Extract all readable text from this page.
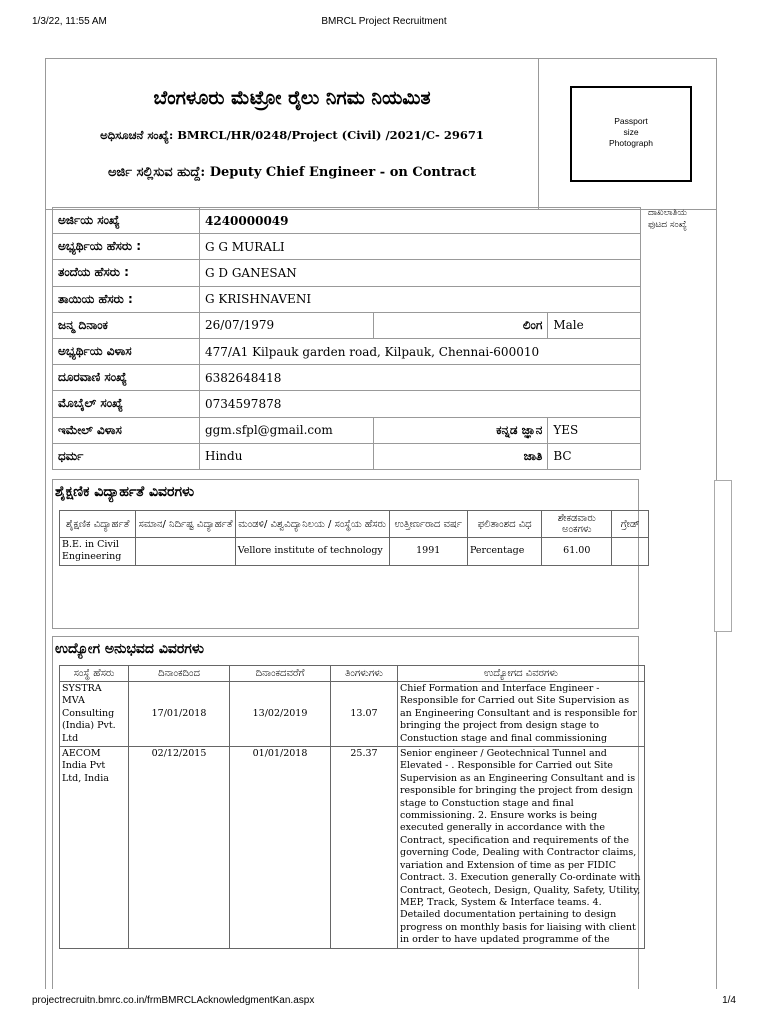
1/3/22, 11:55 AM	BMRCL Project Recruitment
ಬೆಂಗಳೂರು ಮೆಟ್ರೋ ರೈಲು ನಿಗಮ ನಿಯಮಿತ
ಅಧಿಸೂಚನೆ ಸಂಖ್ಯೆ: BMRCL/HR/0248/Project (Civil) /2021/C- 29671
ಅರ್ಜಿ ಸಲ್ಲಿಸುವ ಹುದ್ದೆ: Deputy Chief Engineer - on Contract
Passport
size
Photograph
ದಾಖಲಾತಿಯ
ಫುಟದ ಸಂಖ್ಯೆ
ಅರ್ಜಿಯ ಸಂಖ್ಯೆ	4240000049		
ಅಭ್ಯರ್ಥಿಯ ಹೆಸರು :	G G MURALI		
ತಂದೆಯ ಹೆಸರು :	G D GANESAN		
ತಾಯಿಯ ಹೆಸರು :	G KRISHNAVENI		
ಜನ್ಮ ದಿನಾಂಕ	26/07/1979	ಲಿಂಗ	Male
ಅಭ್ಯರ್ಥಿಯ ವಿಳಾಸ	477/A1 Kilpauk garden road, Kilpauk, Chennai-600010		
ದೂರವಾಣಿ ಸಂಖ್ಯೆ	6382648418		
ಮೊಬೈಲ್ ಸಂಖ್ಯೆ	0734597878		
ಇಮೇಲ್ ವಿಳಾಸ	ggm.sfpl@gmail.com	ಕನ್ನಡ ಜ್ಞಾನ	YES
ಧರ್ಮ	Hindu	ಜಾತಿ	BC
ಶೈಕ್ಷಣಿಕ ವಿದ್ಯಾರ್ಹತೆ ವಿವರಗಳು
ಶೈಕ್ಷಣಿಕ ವಿದ್ಯಾರ್ಹತೆ	ಸಮಾನ/ ನಿರ್ದಿಷ್ಟ ವಿದ್ಯಾರ್ಹತೆ	ಮಂಡಳಿ/ ವಿಶ್ವವಿದ್ಯಾನಿಲಯ / ಸಂಸ್ಥೆಯ ಹೆಸರು	ಉತ್ತೀರ್ಣರಾದ ವರ್ಷ	ಫಲಿತಾಂಶದ ವಿಧ	ಶೇಕಡವಾರು ಅಂಕಗಳು	ಗ್ರೇಡ್
B.E. in Civil Engineering		Vellore institute of technology	1991	Percentage	61.00	
ಉದ್ಯೋಗ ಅನುಭವದ ವಿವರಗಳು
ಸಂಸ್ಥೆ ಹೆಸರು	ದಿನಾಂಕದಿಂದ	ದಿನಾಂಕದವರೆಗೆ	ತಿಂಗಳುಗಳು	ಉದ್ಯೋಗದ ವಿವರಗಳು
SYSTRA MVA Consulting (India) Pvt. Ltd	17/01/2018	13/02/2019	13.07	Chief Formation and Interface Engineer - Responsible for Carried out Site Supervision as an Engineering Consultant and is responsible for bringing the project from design stage to Constuction stage and final commissioning
AECOM India Pvt Ltd, India	02/12/2015	01/01/2018	25.37	Senior engineer / Geotechnical Tunnel and Elevated - . Responsible for Carried out Site Supervision as an Engineering Consultant and is responsible for bringing the project from design stage to Constuction stage and final commissioning. 2. Ensure works is being executed generally in accordance with the Contract, specification and requirements of the governing Code, Dealing with Contractor claims, variation and Extension of time as per FIDIC Contract. 3. Execution generally Co-ordinate with Contract, Geotech, Design, Quality, Safety, Utility, MEP, Track, System & Interface teams. 4. Detailed documentation pertaining to design progress on monthly basis for liaising with client in order to have updated programme of the
projectrecruitn.bmrc.co.in/frmBMRCLAcknowledgmentKan.aspx	1/4
